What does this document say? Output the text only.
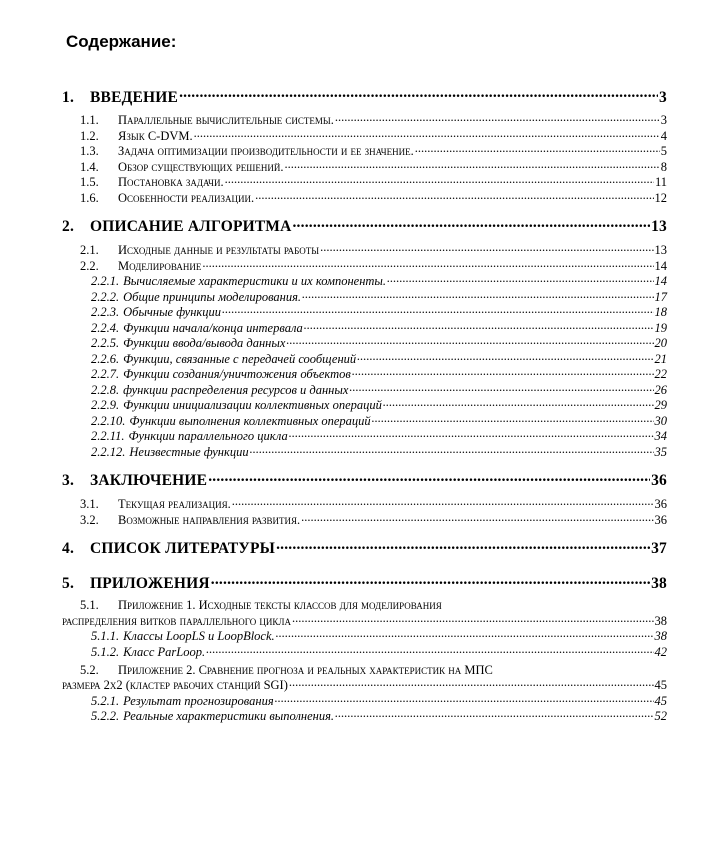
Содержание:
1.	ВВЕДЕНИЕ .....	3
1.1.	Параллельные вычислительные системы. .....	3
1.2.	Язык C-DVM. .....	4
1.3.	Задача оптимизации производительности и ее значение. .....	5
1.4.	Обзор существующих решений. .....	8
1.5.	Постановка задачи. .....	11
1.6.	Особенности реализации. .....	12
2.	ОПИСАНИЕ АЛГОРИТМА .....	13
2.1.	Исходные данные и результаты работы .....	13
2.2.	Моделирование .....	14
2.2.1. Вычисляемые характеристики и их компоненты. .....	14
2.2.2. Общие принципы моделирования. .....	17
2.2.3. Обычные функции .....	18
2.2.4. Функции начала/конца интервала .....	19
2.2.5. Функции ввода/вывода данных .....	20
2.2.6. Функции, связанные с передачей сообщений .....	21
2.2.7. Функции создания/уничтожения объектов .....	22
2.2.8. функции распределения ресурсов и данных .....	26
2.2.9. Функции инициализации коллективных операций .....	29
2.2.10. Функции выполнения коллективных операций .....	30
2.2.11. Функции параллельного цикла .....	34
2.2.12. Неизвестные функции .....	35
3.	ЗАКЛЮЧЕНИЕ .....	36
3.1.	Текущая реализация. .....	36
3.2.	Возможные направления развития. .....	36
4.	СПИСОК ЛИТЕРАТУРЫ .....	37
5.	ПРИЛОЖЕНИЯ .....	38
5.1. Приложение 1. Исходные тексты классов для моделирования
распределения витков параллельного цикла .....	38
5.1.1. Классы LoopLS и LoopBlock. .....	38
5.1.2. Класс ParLoop. .....	42
5.2. Приложение 2. Сравнение прогноза и реальных характеристик на МПС
размера 2x2 (кластер рабочих станций SGI) .....	45
5.2.1. Результат прогнозирования .....	45
5.2.2. Реальные характеристики выполнения. .....	52
